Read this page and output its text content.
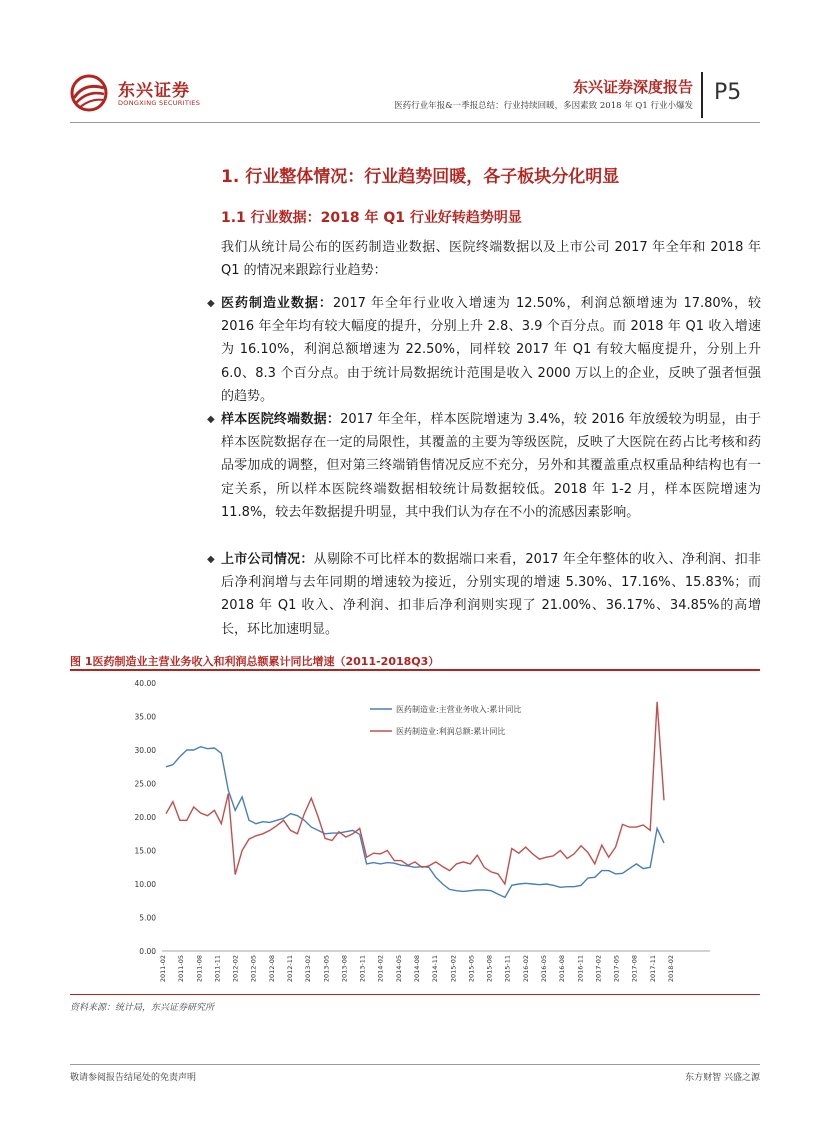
东兴证券
DONGXING SECURITIES
东兴证券深度报告
医药行业年报&一季报总结：行业持续回暖，多因素致 2018 年 Q1 行业小爆发
P5
1. 行业整体情况：行业趋势回暖，各子板块分化明显
1.1 行业数据：2018 年 Q1 行业好转趋势明显
我们从统计局公布的医药制造业数据、医院终端数据以及上市公司 2017 年全年和 2018 年 Q1 的情况来跟踪行业趋势：
◆ 医药制造业数据：2017 年全年行业收入增速为 12.50%，利润总额增速为 17.80%，较 2016 年全年均有较大幅度的提升，分别上升 2.8、3.9 个百分点。而 2018 年 Q1 收入增速为 16.10%，利润总额增速为 22.50%，同样较 2017 年 Q1 有较大幅度提升，分别上升 6.0、8.3 个百分点。由于统计局数据统计范围是收入 2000 万以上的企业，反映了强者恒强的趋势。
◆ 样本医院终端数据：2017 年全年，样本医院增速为 3.4%，较 2016 年放缓较为明显，由于样本医院数据存在一定的局限性，其覆盖的主要为等级医院，反映了大医院在药占比考核和药品零加成的调整，但对第三终端销售情况反应不充分，另外和其覆盖重点权重品种结构也有一定关系，所以样本医院终端数据相较统计局数据较低。2018 年 1-2 月，样本医院增速为 11.8%，较去年数据提升明显，其中我们认为存在不小的流感因素影响。
◆ 上市公司情况：从剔除不可比样本的数据端口来看，2017 年全年整体的收入、净利润、扣非后净利润增与去年同期的增速较为接近，分别实现的增速 5.30%、17.16%、15.83%；而 2018 年 Q1 收入、净利润、扣非后净利润则实现了 21.00%、36.17%、34.85%的高增长，环比加速明显。
图 1医药制造业主营业务收入和利润总额累计同比增速（2011-2018Q3）
0.00
5.00
10.00
15.00
20.00
25.00
30.00
35.00
40.00
2011-02 2011-05 2011-08 2011-11 2012-02 2012-05 2012-08 2012-11 2013-02 2013-05 2013-08 2013-11 2014-02 2014-05 2014-08 2014-11 2015-02 2015-05 2015-08 2015-11 2016-02 2016-05 2016-08 2016-11 2017-02 2017-05 2017-08 2017-11 2018-02
医药制造业:主营业务收入:累计同比
医药制造业:利润总额:累计同比
资料来源：统计局，东兴证券研究所
敬请参阅报告结尾处的免责声明	东方财智 兴盛之源
